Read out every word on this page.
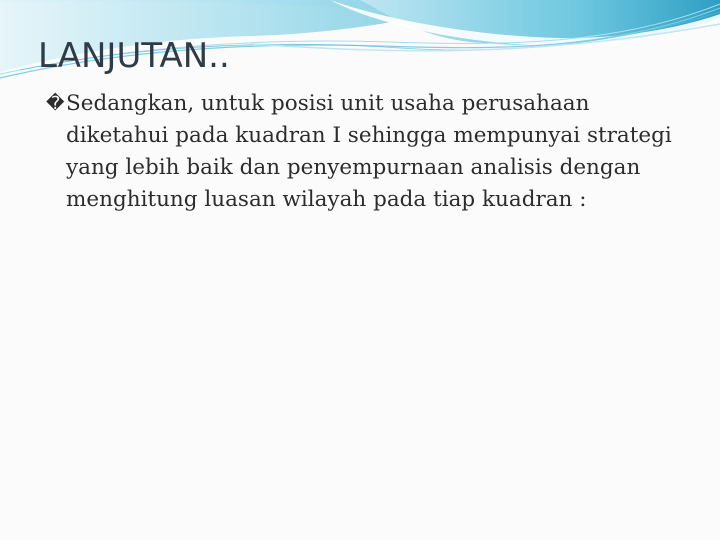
LANJUTAN..

�Sedangkan, untuk posisi unit usaha perusahaan diketahui pada kuadran I sehingga mempunyai strategi yang lebih baik dan penyempurnaan analisis dengan menghitung luasan wilayah pada tiap kuadran :
